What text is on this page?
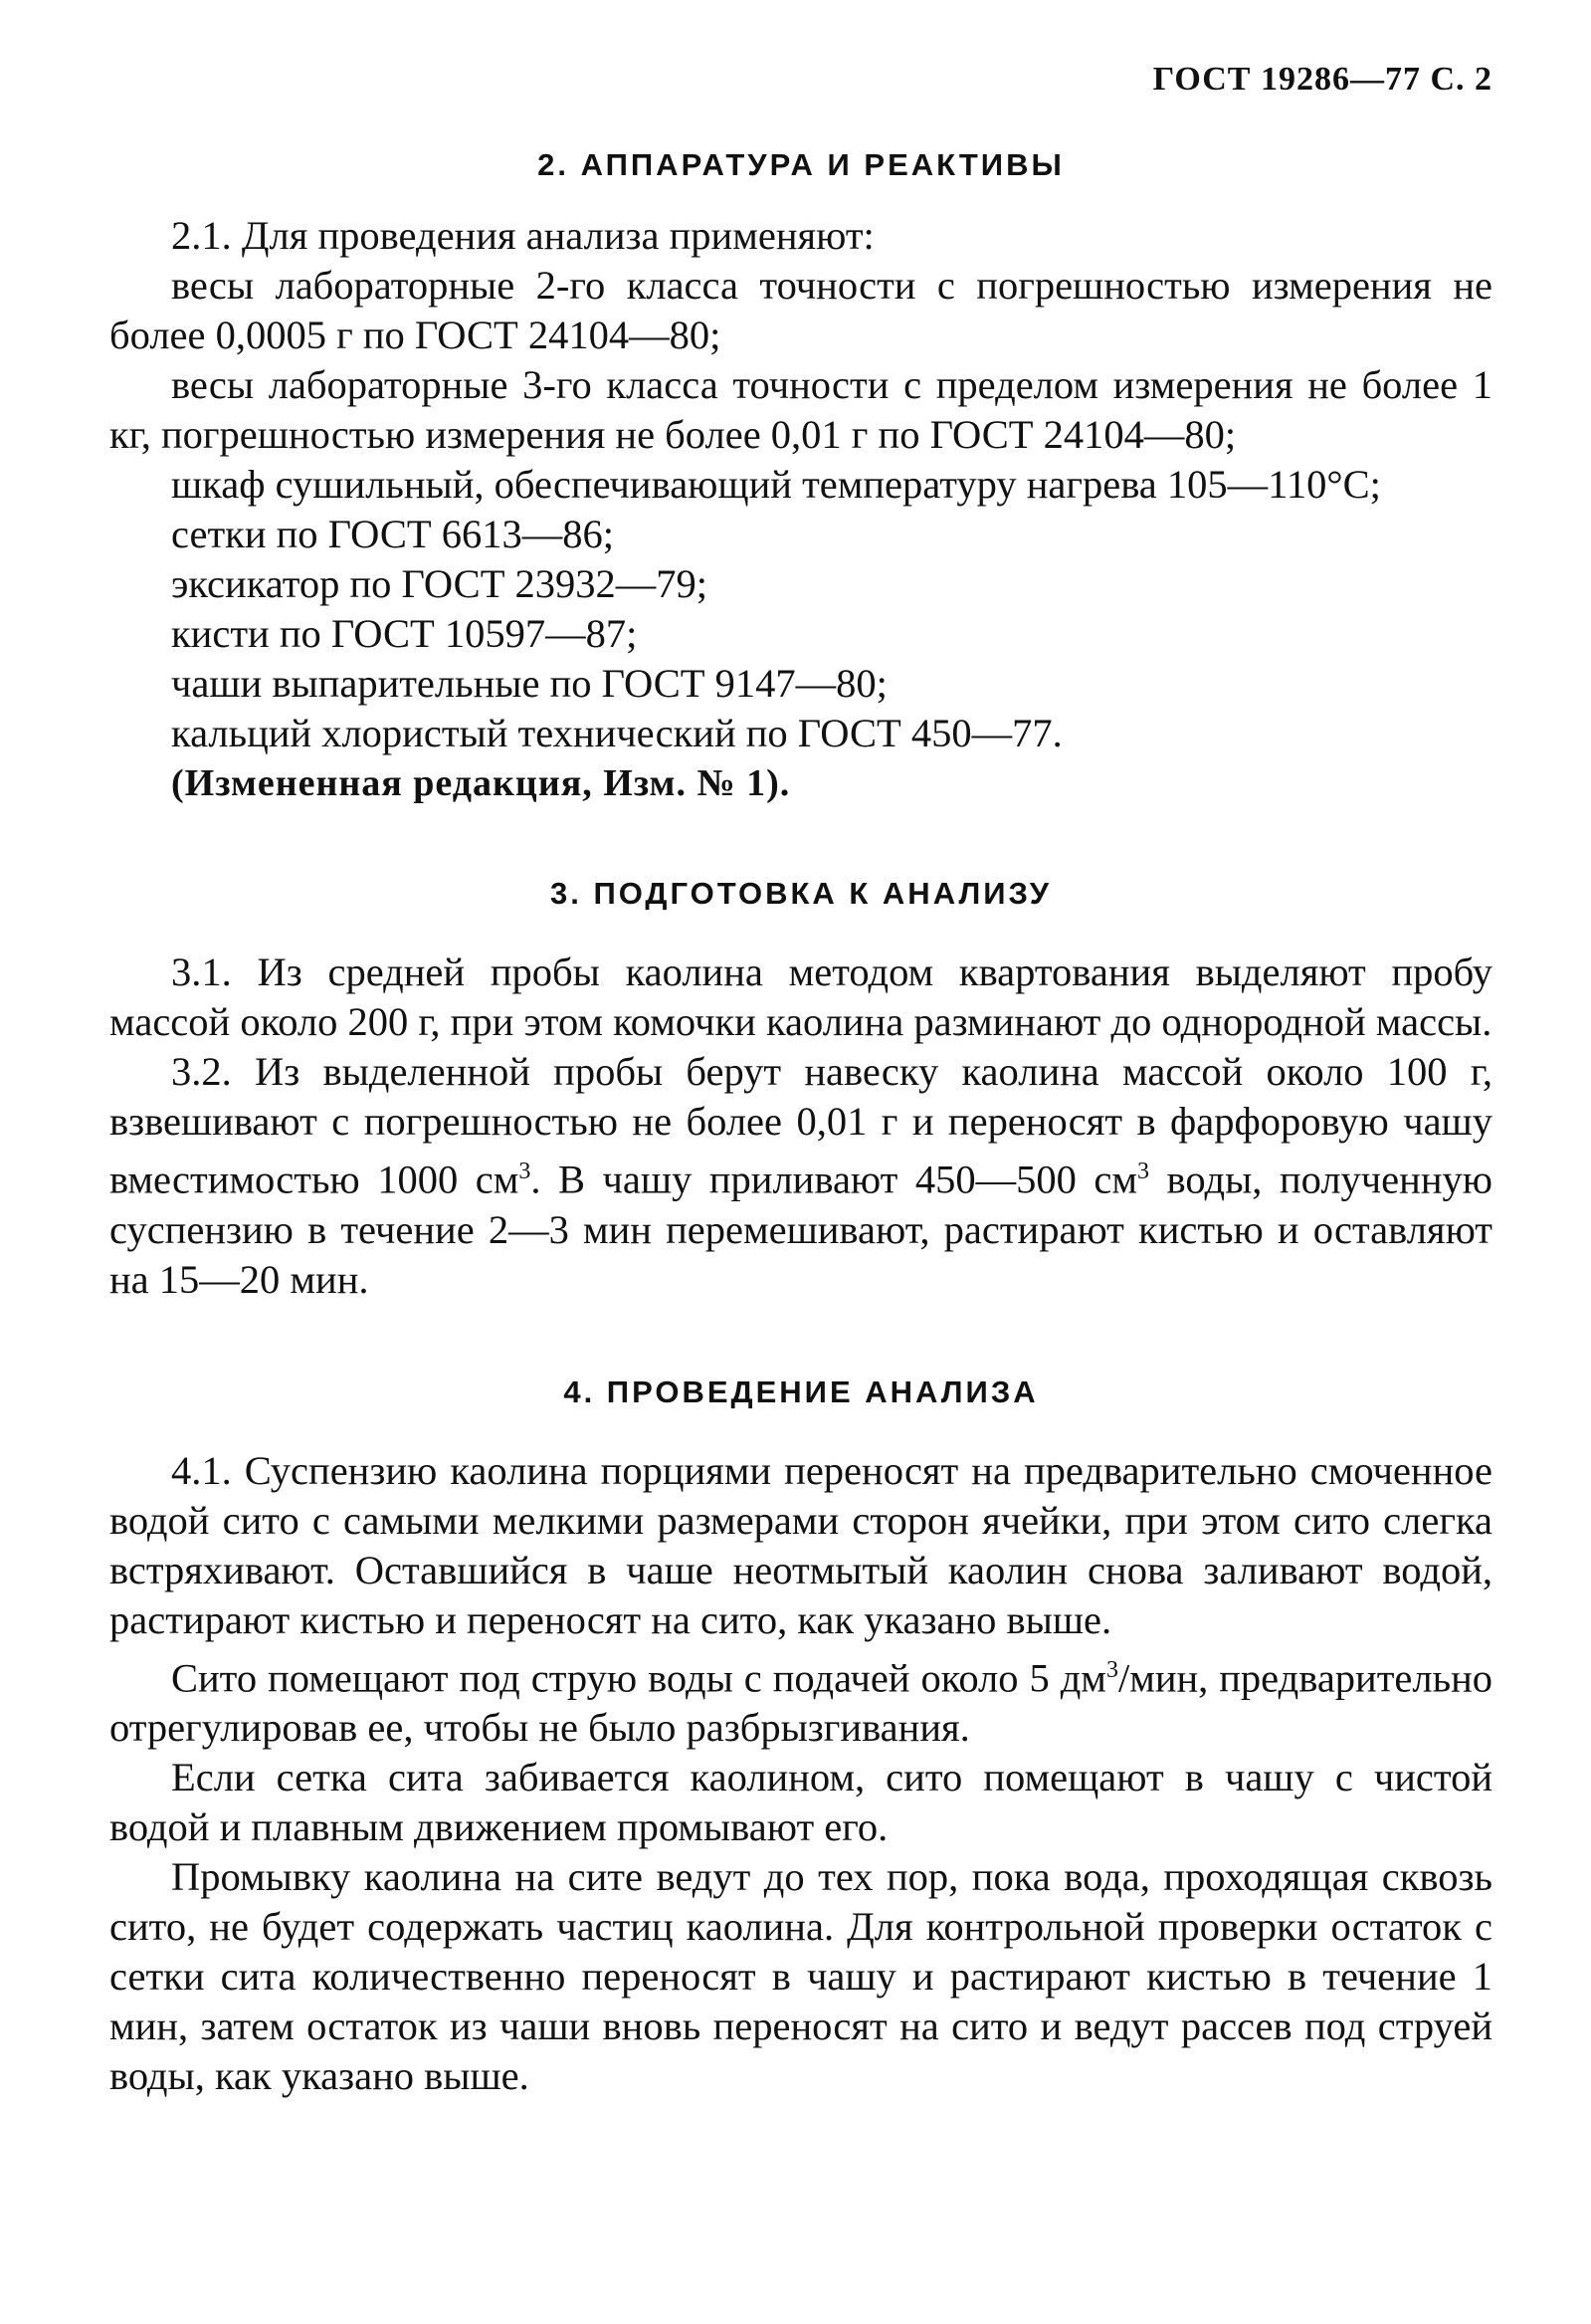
ГОСТ 19286—77 С. 2
2. АППАРАТУРА И РЕАКТИВЫ

2.1. Для проведения анализа применяют:

весы лабораторные 2-го класса точности с погрешностью измерения не более 0,0005 г по ГОСТ 24104—80;

весы лабораторные 3-го класса точности с пределом измерения не более 1 кг, погрешностью измерения не более 0,01 г по ГОСТ 24104—80;

шкаф сушильный, обеспечивающий температуру нагрева 105—110°С;

сетки по ГОСТ 6613—86;

эксикатор по ГОСТ 23932—79;

кисти по ГОСТ 10597—87;

чаши выпарительные по ГОСТ 9147—80;

кальций хлористый технический по ГОСТ 450—77.

(Измененная редакция, Изм. № 1).
3. ПОДГОТОВКА К АНАЛИЗУ

3.1. Из средней пробы каолина методом квартования выделяют пробу массой около 200 г, при этом комочки каолина разминают до однородной массы.

3.2. Из выделенной пробы берут навеску каолина массой около 100 г, взвешивают с погрешностью не более 0,01 г и переносят в фарфоровую чашу вместимостью 1000 $см^3$. В чашу приливают 450—500 $см^3$ воды, полученную суспензию в течение 2—3 мин перемешивают, растирают кистью и оставляют на 15—20 мин.

4. ПРОВЕДЕНИЕ АНАЛИЗА

4.1. Суспензию каолина порциями переносят на предварительно смоченное водой сито с самыми мелкими размерами сторон ячейки, при этом сито слегка встряхивают. Оставшийся в чаше неотмытый каолин снова заливают водой, растирают кистью и переносят на сито, как указано выше.

Сито помещают под струю воды с подачей около 5 $дм^3$/мин, предварительно отрегулировав ее, чтобы не было разбрызгивания.

Если сетка сита забивается каолином, сито помещают в чашу с чистой водой и плавным движением промывают его.

Промывку каолина на сите ведут до тех пор, пока вода, проходящая сквозь сито, не будет содержать частиц каолина. Для контрольной проверки остаток с сетки сита количественно переносят в чашу и растирают кистью в течение 1 мин, затем остаток из чаши вновь переносят на сито и ведут рассев под струей воды, как указано выше.
